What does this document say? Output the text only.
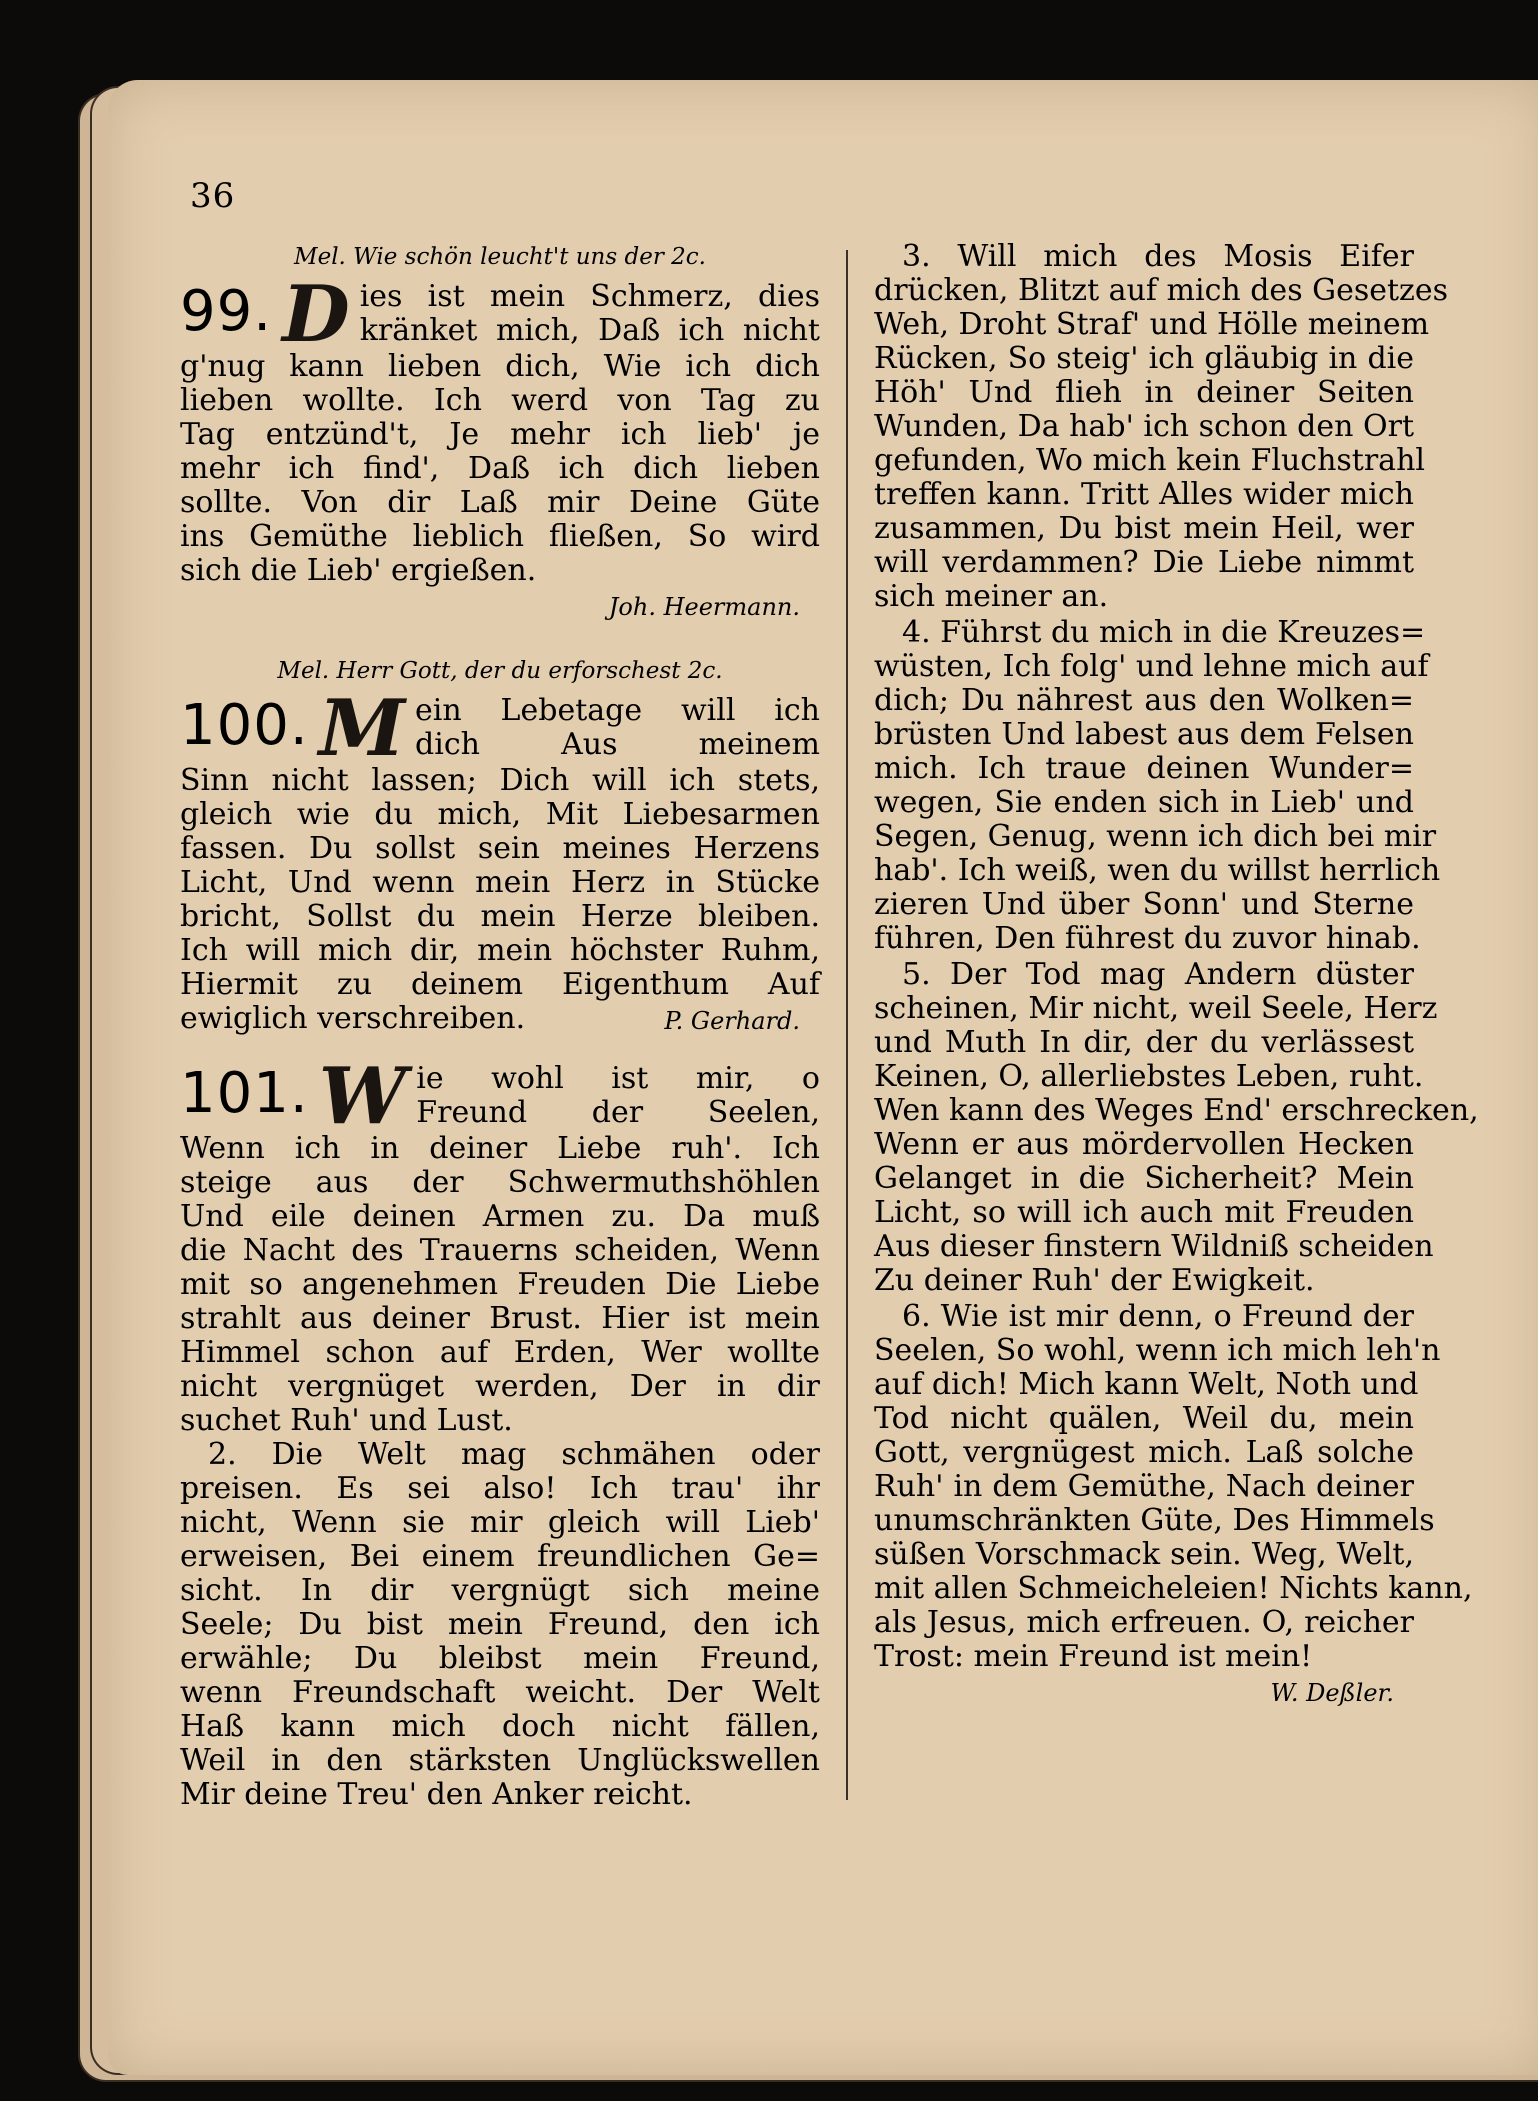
36
Mel. Wie schön leucht't uns der 2c.
99. D ies ist mein Schmerz, dies
kränket mich, Daß ich nicht
g'nug kann lieben dich, Wie ich dich
lieben wollte. Ich werd von Tag zu
Tag entzünd't, Je mehr ich lieb' je
mehr ich find', Daß ich dich lieben
sollte. Von dir Laß mir Deine Güte
ins Gemüthe lieblich fließen, So wird
sich die Lieb' ergießen.
Joh. Heermann.
Mel. Herr Gott, der du erforschest 2c.
100. M ein Lebetage will ich
dich Aus meinem
Sinn nicht lassen; Dich will ich stets,
gleich wie du mich, Mit Liebesarmen
fassen. Du sollst sein meines Herzens
Licht, Und wenn mein Herz in Stücke
bricht, Sollst du mein Herze bleiben.
Ich will mich dir, mein höchster Ruhm,
Hiermit zu deinem Eigenthum Auf
ewiglich verschreiben.	P. Gerhard.
101. W ie wohl ist mir, o
Freund der Seelen,
Wenn ich in deiner Liebe ruh'. Ich
steige aus der Schwermuthshöhlen
Und eile deinen Armen zu. Da muß
die Nacht des Trauerns scheiden, Wenn
mit so angenehmen Freuden Die Liebe
strahlt aus deiner Brust. Hier ist mein
Himmel schon auf Erden, Wer wollte
nicht vergnüget werden, Der in dir
suchet Ruh' und Lust.
2. Die Welt mag schmähen oder
preisen. Es sei also! Ich trau' ihr
nicht, Wenn sie mir gleich will Lieb'
erweisen, Bei einem freundlichen Ge=
sicht. In dir vergnügt sich meine
Seele; Du bist mein Freund, den ich
erwähle; Du bleibst mein Freund,
wenn Freundschaft weicht. Der Welt
Haß kann mich doch nicht fällen,
Weil in den stärksten Unglückswellen
Mir deine Treu' den Anker reicht.
3. Will mich des Mosis Eifer
drücken, Blitzt auf mich des Gesetzes
Weh, Droht Straf' und Hölle meinem
Rücken, So steig' ich gläubig in die
Höh' Und flieh in deiner Seiten
Wunden, Da hab' ich schon den Ort
gefunden, Wo mich kein Fluchstrahl
treffen kann. Tritt Alles wider mich
zusammen, Du bist mein Heil, wer
will verdammen? Die Liebe nimmt
sich meiner an.
4. Führst du mich in die Kreuzes=
wüsten, Ich folg' und lehne mich auf
dich; Du nährest aus den Wolken=
brüsten Und labest aus dem Felsen
mich. Ich traue deinen Wunder=
wegen, Sie enden sich in Lieb' und
Segen, Genug, wenn ich dich bei mir
hab'. Ich weiß, wen du willst herrlich
zieren Und über Sonn' und Sterne
führen, Den führest du zuvor hinab.
5. Der Tod mag Andern düster
scheinen, Mir nicht, weil Seele, Herz
und Muth In dir, der du verlässest
Keinen, O, allerliebstes Leben, ruht.
Wen kann des Weges End' erschrecken,
Wenn er aus mördervollen Hecken
Gelanget in die Sicherheit? Mein
Licht, so will ich auch mit Freuden
Aus dieser finstern Wildniß scheiden
Zu deiner Ruh' der Ewigkeit.
6. Wie ist mir denn, o Freund der
Seelen, So wohl, wenn ich mich leh'n
auf dich! Mich kann Welt, Noth und
Tod nicht quälen, Weil du, mein
Gott, vergnügest mich. Laß solche
Ruh' in dem Gemüthe, Nach deiner
unumschränkten Güte, Des Himmels
süßen Vorschmack sein. Weg, Welt,
mit allen Schmeicheleien! Nichts kann,
als Jesus, mich erfreuen. O, reicher
Trost: mein Freund ist mein!
W. Deßler.
